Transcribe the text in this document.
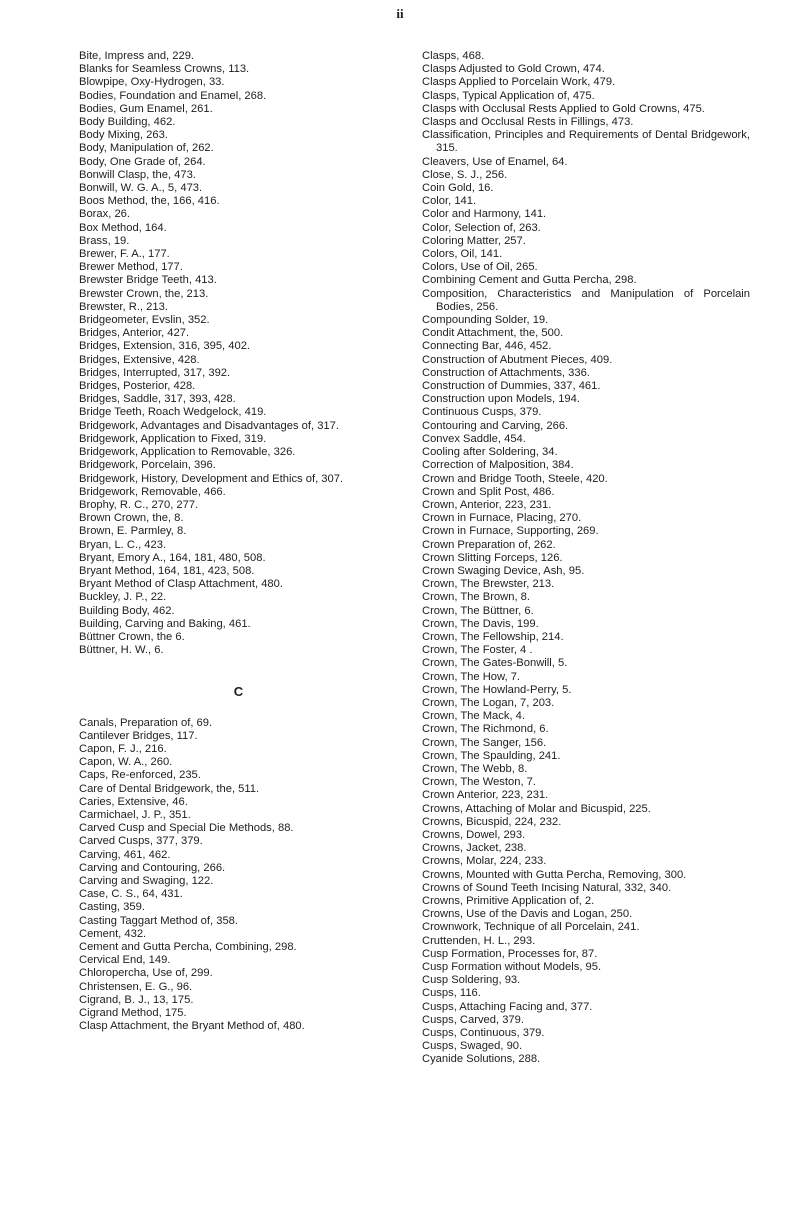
ii

Bite, Impress and, 229.

Blanks for Seamless Crowns, 113.

Blowpipe, Oxy-Hydrogen, 33.

Bodies, Foundation and Enamel, 268.

Bodies, Gum Enamel, 261.

Body Building, 462.

Body Mixing, 263.

Body, Manipulation of, 262.

Body, One Grade of, 264.

Bonwill Clasp, the, 473.

Bonwill, W. G. A., 5, 473.

Boos Method, the, 166, 416.

Borax, 26.

Box Method, 164.

Brass, 19.

Brewer, F. A., 177.

Brewer Method, 177.

Brewster Bridge Teeth, 413.

Brewster Crown, the, 213.

Brewster, R., 213.

Bridgeometer, Evslin, 352.

Bridges, Anterior, 427.

Bridges, Extension, 316, 395, 402.

Bridges, Extensive, 428.

Bridges, Interrupted, 317, 392.

Bridges, Posterior, 428.

Bridges, Saddle, 317, 393, 428.

Bridge Teeth, Roach Wedgelock, 419.

Bridgework, Advantages and Disadvantages of, 317.

Bridgework, Application to Fixed, 319.

Bridgework, Application to Removable, 326.

Bridgework, Porcelain, 396.

Bridgework, History, Development and Ethics of, 307.

Bridgework, Removable, 466.

Brophy, R. C., 270, 277.

Brown Crown, the, 8.

Brown, E. Parmley, 8.

Bryan, L. C., 423.

Bryant, Emory A., 164, 181, 480, 508.

Bryant Method, 164, 181, 423, 508.

Bryant Method of Clasp Attachment, 480.

Buckley, J. P., 22.

Building Body, 462.

Building, Carving and Baking, 461.

Büttner Crown, the 6.

Büttner, H. W., 6.

C

Canals, Preparation of, 69.

Cantilever Bridges, 117.

Capon, F. J., 216.

Capon, W. A., 260.

Caps, Re-enforced, 235.

Care of Dental Bridgework, the, 511.

Caries, Extensive, 46.

Carmichael, J. P., 351.

Carved Cusp and Special Die Methods, 88.

Carved Cusps, 377, 379.

Carving, 461, 462.

Carving and Contouring, 266.

Carving and Swaging, 122.

Case, C. S., 64, 431.

Casting, 359.

Casting Taggart Method of, 358.

Cement, 432.

Cement and Gutta Percha, Combining, 298.

Cervical End, 149.

Chloropercha, Use of, 299.

Christensen, E. G., 96.

Cigrand, B. J., 13, 175.

Cigrand Method, 175.

Clasp Attachment, the Bryant Method of, 480.

Clasps, 468.

Clasps Adjusted to Gold Crown, 474.

Clasps Applied to Porcelain Work, 479.

Clasps, Typical Application of, 475.

Clasps with Occlusal Rests Applied to Gold Crowns, 475.

Clasps and Occlusal Rests in Fillings, 473.

Classification, Principles and Requirements of Dental Bridgework, 315.

Cleavers, Use of Enamel, 64.

Close, S. J., 256.

Coin Gold, 16.

Color, 141.

Color and Harmony, 141.

Color, Selection of, 263.

Coloring Matter, 257.

Colors, Oil, 141.

Colors, Use of Oil, 265.

Combining Cement and Gutta Percha, 298.

Composition, Characteristics and Manipulation of Porcelain Bodies, 256.

Compounding Solder, 19.

Condit Attachment, the, 500.

Connecting Bar, 446, 452.

Construction of Abutment Pieces, 409.

Construction of Attachments, 336.

Construction of Dummies, 337, 461.

Construction upon Models, 194.

Continuous Cusps, 379.

Contouring and Carving, 266.

Convex Saddle, 454.

Cooling after Soldering, 34.

Correction of Malposition, 384.

Crown and Bridge Tooth, Steele, 420.

Crown and Split Post, 486.

Crown, Anterior, 223, 231.

Crown in Furnace, Placing, 270.

Crown in Furnace, Supporting, 269.

Crown Preparation of, 262.

Crown Slitting Forceps, 126.

Crown Swaging Device, Ash, 95.

Crown, The Brewster, 213.

Crown, The Brown, 8.

Crown, The Büttner, 6.

Crown, The Davis, 199.

Crown, The Fellowship, 214.

Crown, The Foster, 4 .

Crown, The Gates-Bonwill, 5.

Crown, The How, 7.

Crown, The Howland-Perry, 5.

Crown, The Logan, 7, 203.

Crown, The Mack, 4.

Crown, The Richmond, 6.

Crown, The Sanger, 156.

Crown, The Spaulding, 241.

Crown, The Webb, 8.

Crown, The Weston, 7.

Crown Anterior, 223, 231.

Crowns, Attaching of Molar and Bicuspid, 225.

Crowns, Bicuspid, 224, 232.

Crowns, Dowel, 293.

Crowns, Jacket, 238.

Crowns, Molar, 224, 233.

Crowns, Mounted with Gutta Percha, Removing, 300.

Crowns of Sound Teeth Incising Natural, 332, 340.

Crowns, Primitive Application of, 2.

Crowns, Use of the Davis and Logan, 250.

Crownwork, Technique of all Porcelain, 241.

Cruttenden, H. L., 293.

Cusp Formation, Processes for, 87.

Cusp Formation without Models, 95.

Cusp Soldering, 93.

Cusps, 116.

Cusps, Attaching Facing and, 377.

Cusps, Carved, 379.

Cusps, Continuous, 379.

Cusps, Swaged, 90.

Cyanide Solutions, 288.
